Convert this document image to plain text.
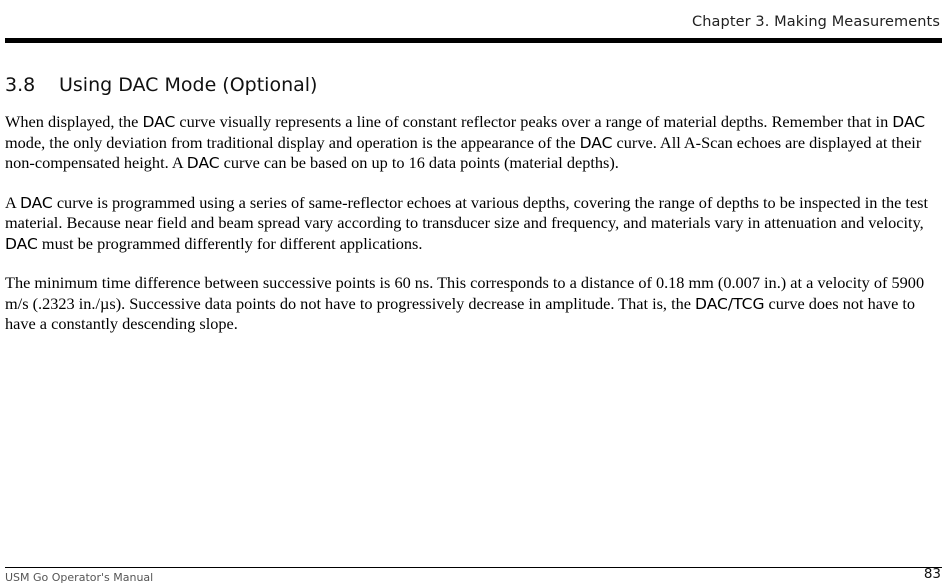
Chapter 3. Making Measurements
3.8 Using DAC Mode (Optional)

When displayed, the DAC curve visually represents a line of constant reflector peaks over a range of material depths. Remember that in DAC mode, the only deviation from traditional display and operation is the appearance of the DAC curve. All A-Scan echoes are displayed at their non-compensated height. A DAC curve can be based on up to 16 data points (material depths).

A DAC curve is programmed using a series of same-reflector echoes at various depths, covering the range of depths to be inspected in the test material. Because near field and beam spread vary according to transducer size and frequency, and materials vary in attenuation and velocity, DAC must be programmed differently for different applications.

The minimum time difference between successive points is 60 ns. This corresponds to a distance of 0.18 mm (0.007 in.) at a velocity of 5900 m/s (.2323 in./µs). Successive data points do not have to progressively decrease in amplitude. That is, the DAC/TCG curve does not have to have a constantly descending slope.

USM Go Operator's Manual	83
